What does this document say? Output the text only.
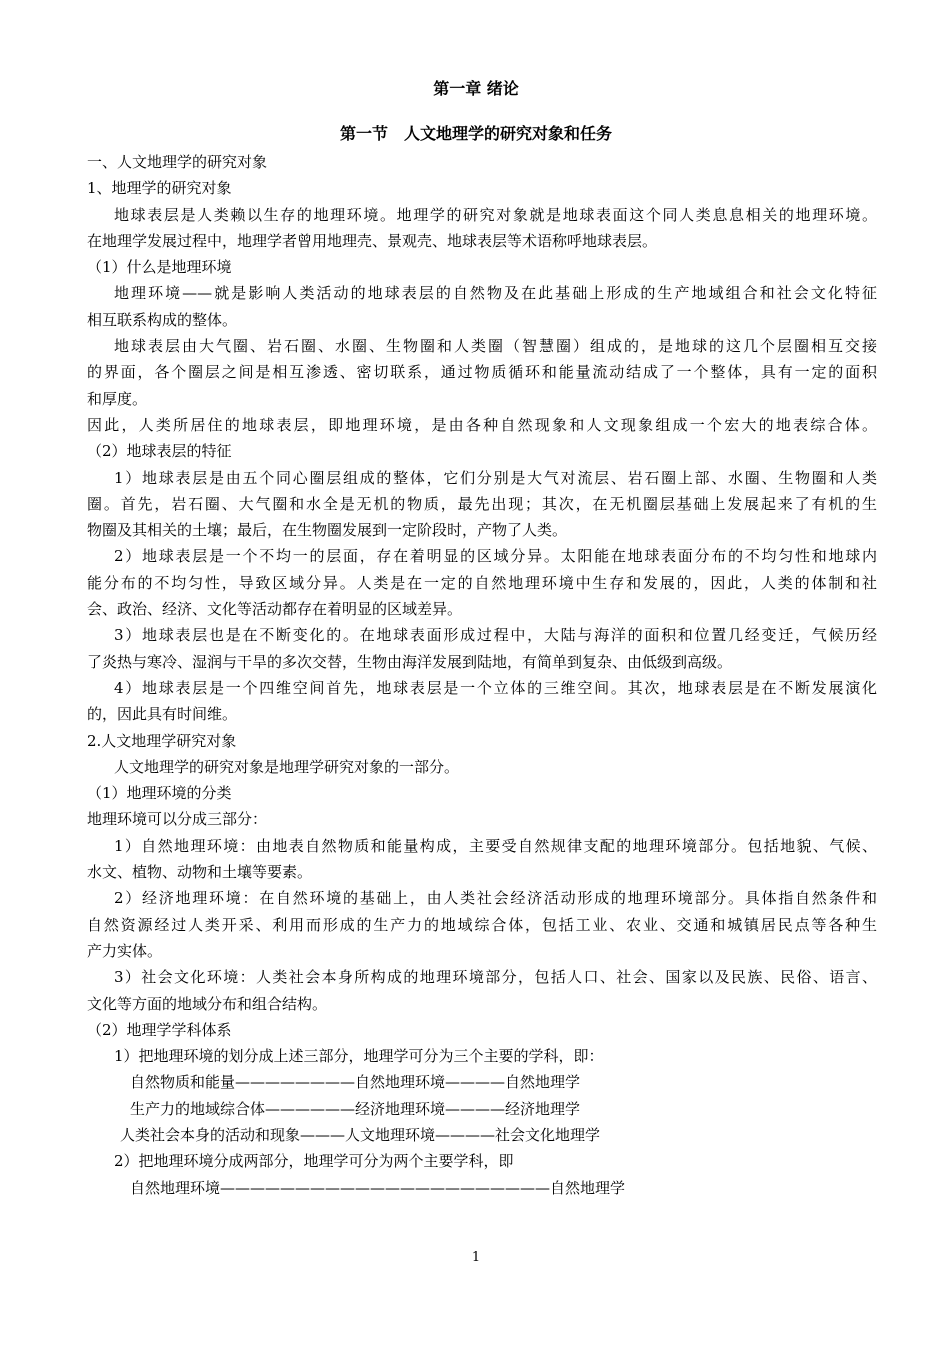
第一章 绪论
第一节　人文地理学的研究对象和任务
一、人文地理学的研究对象
1、地理学的研究对象
地球表层是人类赖以生存的地理环境。地理学的研究对象就是地球表面这个同人类息息相关的地理环境。
在地理学发展过程中，地理学者曾用地理壳、景观壳、地球表层等术语称呼地球表层。
（1）什么是地理环境
地理环境——就是影响人类活动的地球表层的自然物及在此基础上形成的生产地域组合和社会文化特征
相互联系构成的整体。
地球表层由大气圈、岩石圈、水圈、生物圈和人类圈（智慧圈）组成的，是地球的这几个层圈相互交接
的界面，各个圈层之间是相互渗透、密切联系，通过物质循环和能量流动结成了一个整体，具有一定的面积
和厚度。
因此，人类所居住的地球表层，即地理环境，是由各种自然现象和人文现象组成一个宏大的地表综合体。
（2）地球表层的特征
1）地球表层是由五个同心圈层组成的整体，它们分别是大气对流层、岩石圈上部、水圈、生物圈和人类
圈。首先，岩石圈、大气圈和水全是无机的物质，最先出现；其次，在无机圈层基础上发展起来了有机的生
物圈及其相关的土壤；最后，在生物圈发展到一定阶段时，产物了人类。
2）地球表层是一个不均一的层面，存在着明显的区域分异。太阳能在地球表面分布的不均匀性和地球内
能分布的不均匀性，导致区域分异。人类是在一定的自然地理环境中生存和发展的，因此，人类的体制和社
会、政治、经济、文化等活动都存在着明显的区域差异。
3）地球表层也是在不断变化的。在地球表面形成过程中，大陆与海洋的面积和位置几经变迁，气候历经
了炎热与寒冷、湿润与干旱的多次交替，生物由海洋发展到陆地，有简单到复杂、由低级到高级。
4）地球表层是一个四维空间首先，地球表层是一个立体的三维空间。其次，地球表层是在不断发展演化
的，因此具有时间维。
2.人文地理学研究对象
人文地理学的研究对象是地理学研究对象的一部分。
（1）地理环境的分类
地理环境可以分成三部分：
1）自然地理环境：由地表自然物质和能量构成，主要受自然规律支配的地理环境部分。包括地貌、气候、
水文、植物、动物和土壤等要素。
2）经济地理环境：在自然环境的基础上，由人类社会经济活动形成的地理环境部分。具体指自然条件和
自然资源经过人类开采、利用而形成的生产力的地域综合体，包括工业、农业、交通和城镇居民点等各种生
产力实体。
3）社会文化环境：人类社会本身所构成的地理环境部分，包括人口、社会、国家以及民族、民俗、语言、
文化等方面的地域分布和组合结构。
（2）地理学学科体系
1）把地理环境的划分成上述三部分，地理学可分为三个主要的学科，即：
自然物质和能量————————自然地理环境————自然地理学
生产力的地域综合体——————经济地理环境————经济地理学
人类社会本身的活动和现象———人文地理环境————社会文化地理学
2）把地理环境分成两部分，地理学可分为两个主要学科，即
自然地理环境——————————————————————自然地理学
1
